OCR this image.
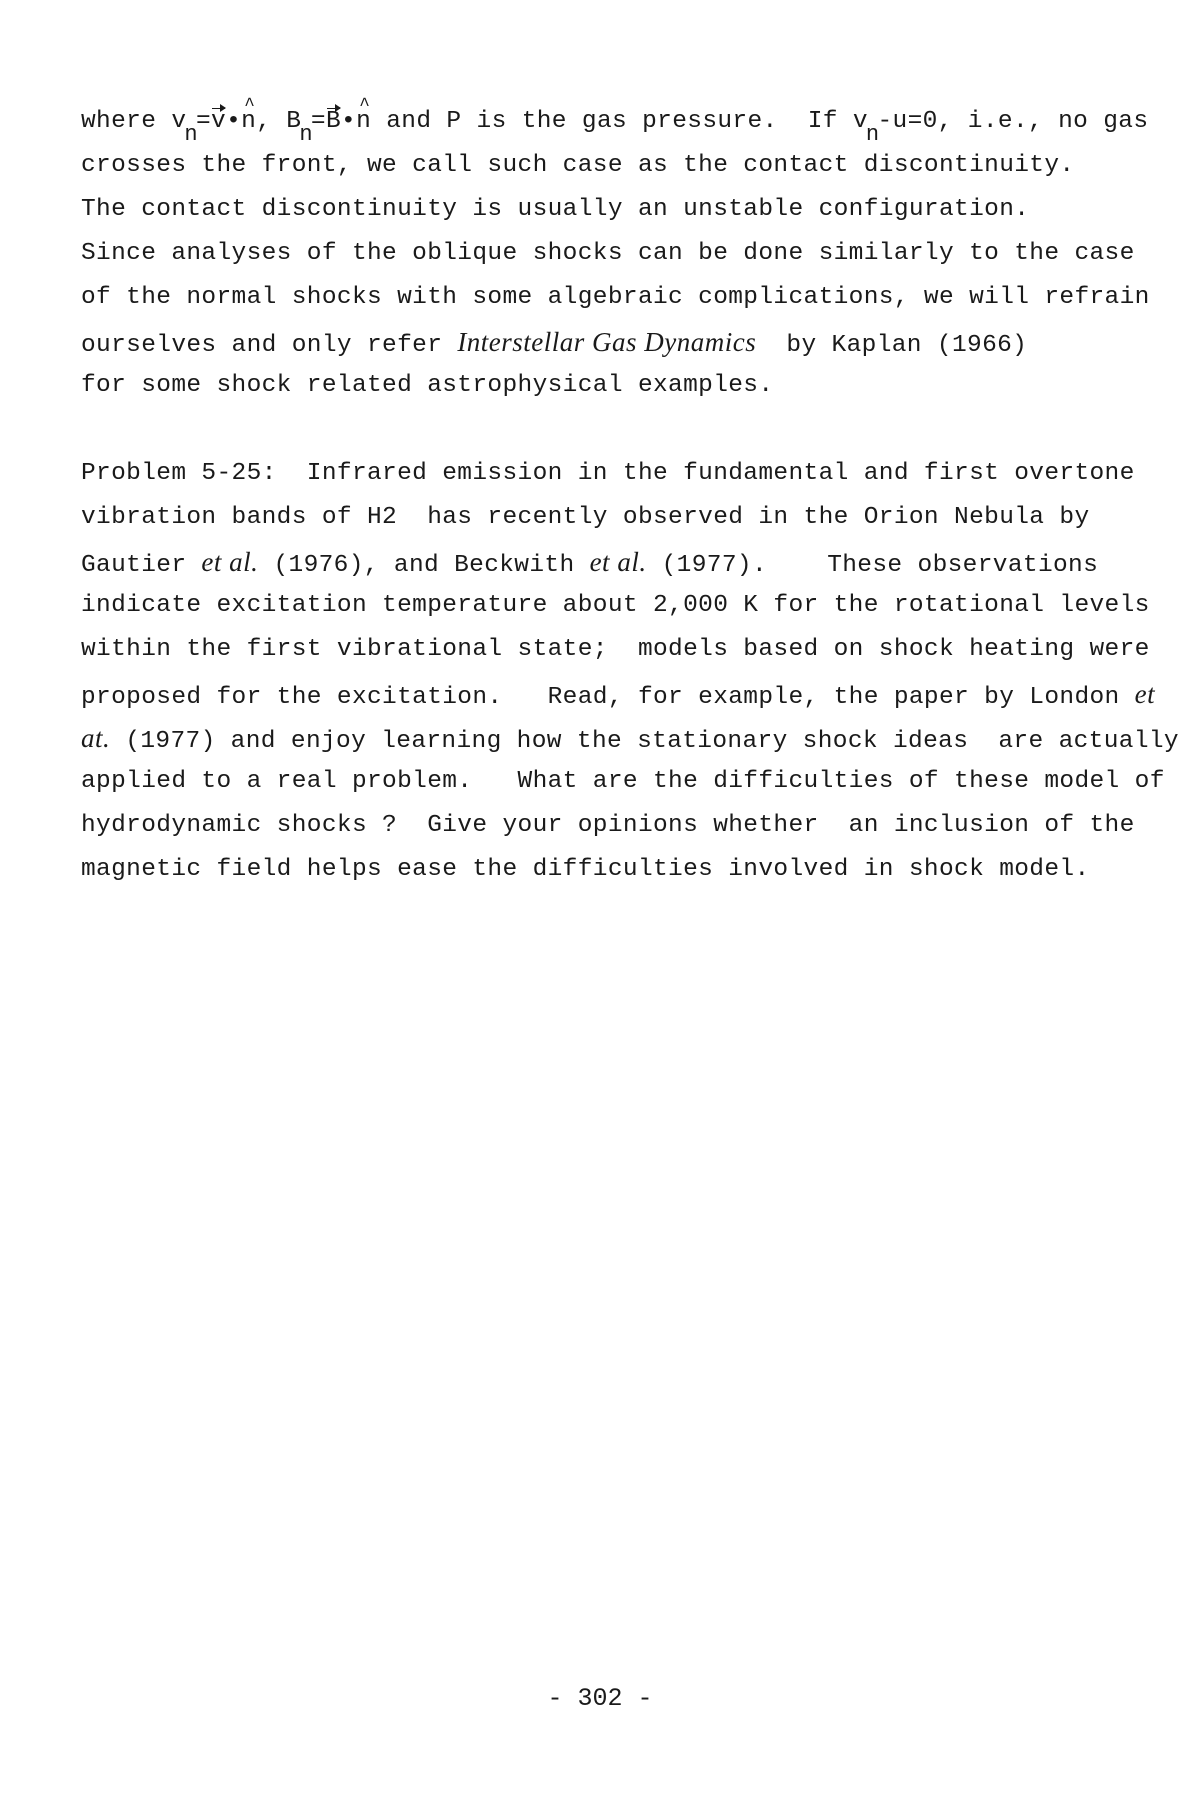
where vn=v•^ n, Bn=B•^ n and P is the gas pressure.  If vn-u=0, i.e., no gas
crosses the front, we call such case as the contact discontinuity.
The contact discontinuity is usually an unstable configuration.
Since analyses of the oblique shocks can be done similarly to the case
of the normal shocks with some algebraic complications, we will refrain
ourselves and only refer Interstellar Gas Dynamics  by Kaplan (1966)
for some shock related astrophysical examples.
Problem 5-25:  Infrared emission in the fundamental and first overtone
vibration bands of H2  has recently observed in the Orion Nebula by
Gautier et al. (1976), and Beckwith et al. (1977).    These observations
indicate excitation temperature about 2,000 K for the rotational levels
within the first vibrational state;  models based on shock heating were
proposed for the excitation.   Read, for example, the paper by London et
at. (1977) and enjoy learning how the stationary shock ideas  are actually
applied to a real problem.   What are the difficulties of these model of
hydrodynamic shocks ?  Give your opinions whether  an inclusion of the
magnetic field helps ease the difficulties involved in shock model.
- 302 -
